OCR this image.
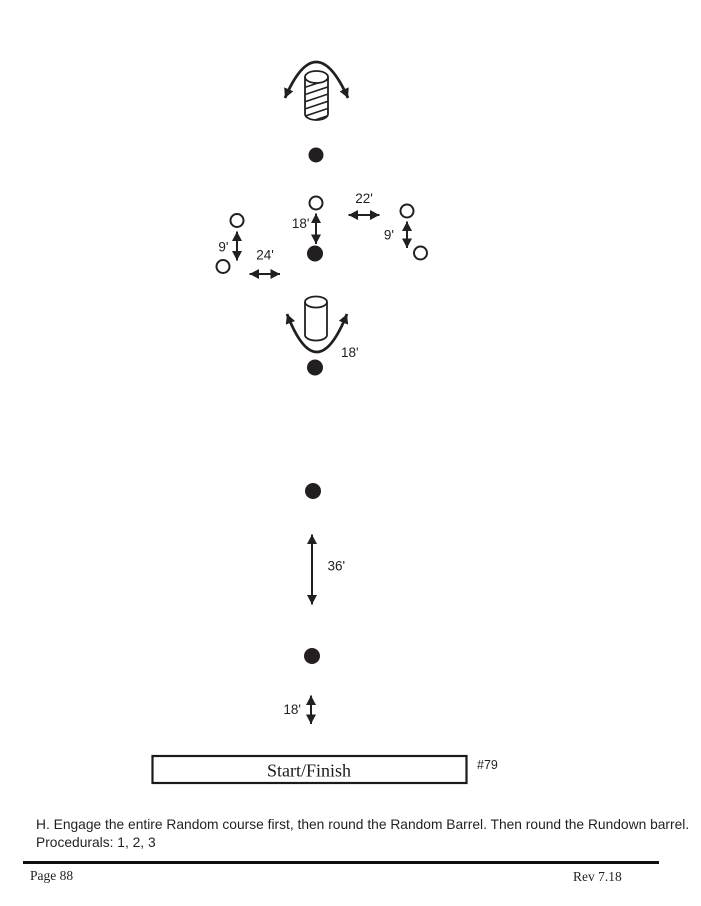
Start/Finish	#79
22'
18'
9'
24'
9'
18'
36'
18'
H. Engage the entire Random course first, then round the Random Barrel. Then round the Rundown barrel.
Procedurals: 1, 2, 3
Page 88	Rev 7.18
